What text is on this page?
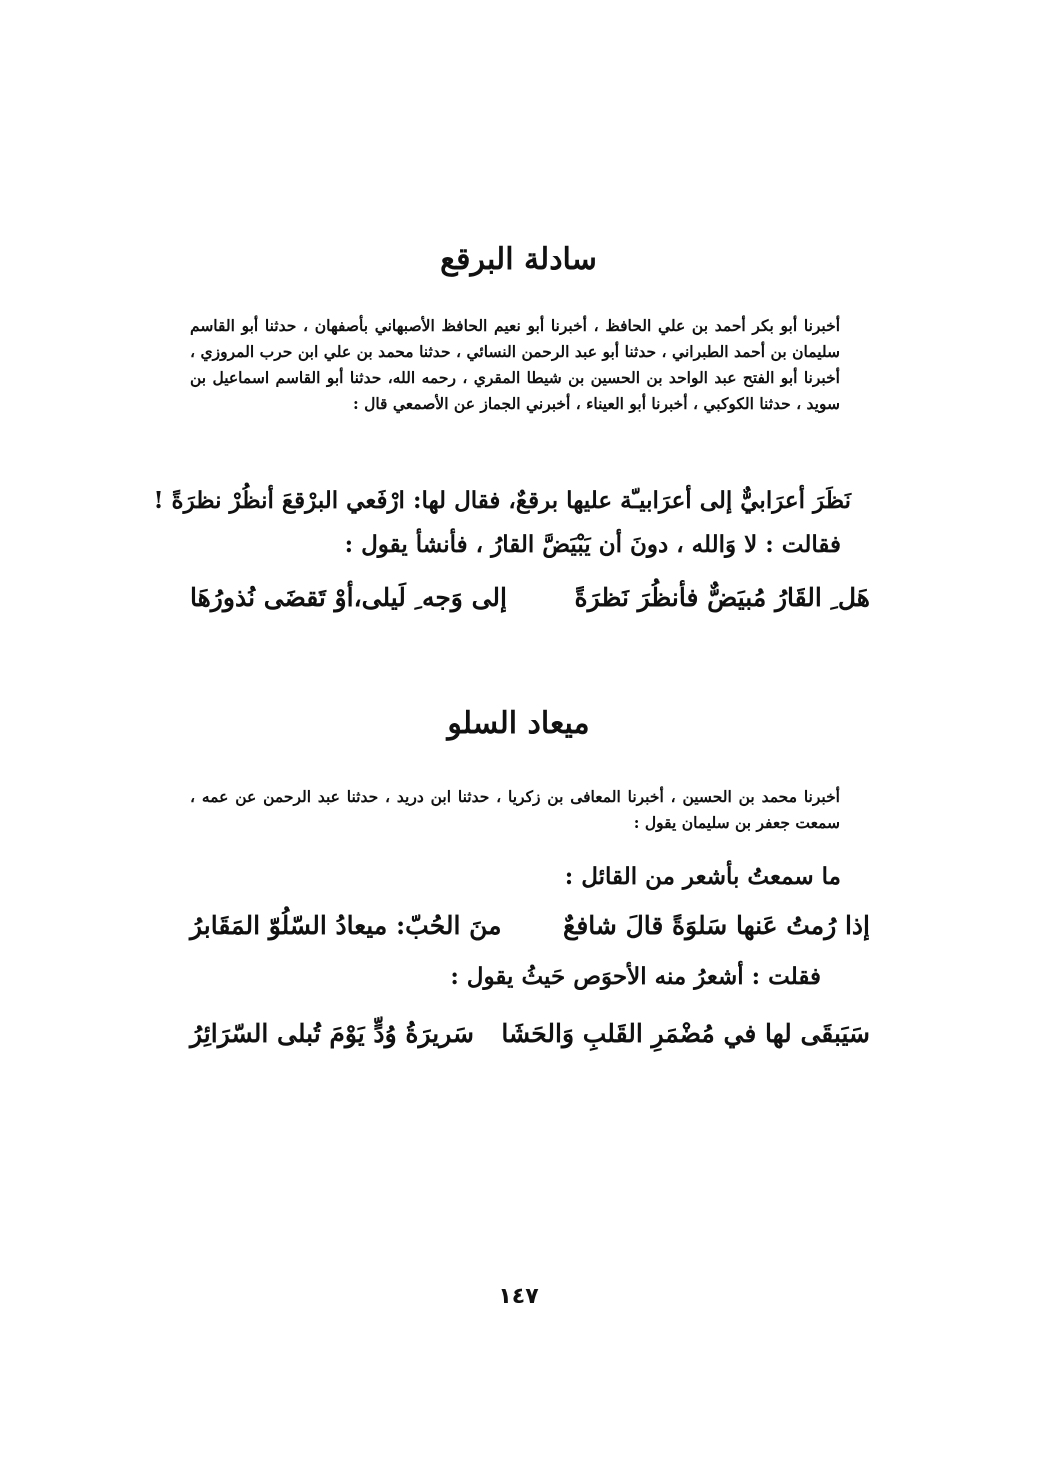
سادلة البرقع
أخبرنا أبو بكر أحمد بن علي الحافظ ، أخبرنا أبو نعيم الحافظ الأصبهاني بأصفهان ، حدثنا أبو القاسم سليمان بن أحمد الطبراني ، حدثنا أبو عبد الرحمن النسائي ، حدثنا محمد بن علي ابن حرب المروزي ، أخبرنا أبو الفتح عبد الواحد بن الحسين بن شيطا المقري ، رحمه الله، حدثنا أبو القاسم اسماعيل بن سويد ، حدثنا الكوكبي ، أخبرنا أبو العيناء ، أخبرني الجماز عن الأصمعي قال :
نَظَرَ أعرَابيٌّ إلى أعرَابيـّة عليها برقعٌ، فقال لها: ارْفَعي البرْقعَ أنظُرْ نظرَةً !
فقالت : لا وَالله ، دونَ أن يَبْيَضَّ القارُ ، فأنشأ يقول :
هَل ِ القَارُ مُبيَضٌّ فأنظُرَ نَظرَةً
إلى وَجه ِ لَيلى،أوْ تَقضَى نُذورُهَا
ميعاد السلو
أخبرنا محمد بن الحسين ، أخبرنا المعافى بن زكريا ، حدثنا ابن دريد ، حدثنا عبد الرحمن عن عمه ، سمعت جعفر بن سليمان يقول :
ما سمعتُ بأشعر من القائل :
إذا رُمتُ عَنها سَلوَةً قالَ شافعٌ
منَ الحُبّ: ميعادُ السّلُوّ المَقَابرُ
فقلت : أشعرُ منه الأحوَص حَيثُ يقول :
سَيَبقَى لها في مُضْمَرِ القَلبِ وَالحَشَا
سَريرَةُ وُدٍّ يَوْمَ تُبلى السّرَائِرُ
١٤٧
